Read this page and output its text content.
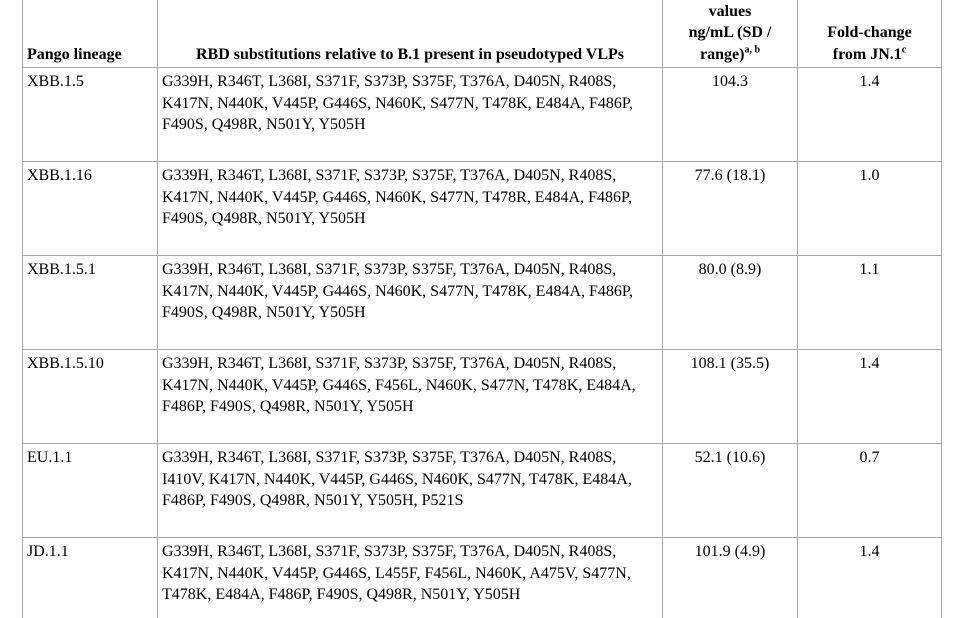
Pango lineage	RBD substitutions relative to B.1 present in pseudotyped VLPs	values
ng/mL (SD /
range)$^{a, b}$	Fold-change
from JN.1$^c$
XBB.1.5	G339H, R346T, L368I, S371F, S373P, S375F, T376A, D405N, R408S, K417N, N440K, V445P, G446S, N460K, S477N, T478K, E484A, F486P, F490S, Q498R, N501Y, Y505H	104.3	1.4
XBB.1.16	G339H, R346T, L368I, S371F, S373P, S375F, T376A, D405N, R408S, K417N, N440K, V445P, G446S, N460K, S477N, T478R, E484A, F486P, F490S, Q498R, N501Y, Y505H	77.6 (18.1)	1.0
XBB.1.5.1	G339H, R346T, L368I, S371F, S373P, S375F, T376A, D405N, R408S, K417N, N440K, V445P, G446S, N460K, S477N, T478K, E484A, F486P, F490S, Q498R, N501Y, Y505H	80.0 (8.9)	1.1
XBB.1.5.10	G339H, R346T, L368I, S371F, S373P, S375F, T376A, D405N, R408S, K417N, N440K, V445P, G446S, F456L, N460K, S477N, T478K, E484A, F486P, F490S, Q498R, N501Y, Y505H	108.1 (35.5)	1.4
EU.1.1	G339H, R346T, L368I, S371F, S373P, S375F, T376A, D405N, R408S, I410V, K417N, N440K, V445P, G446S, N460K, S477N, T478K, E484A, F486P, F490S, Q498R, N501Y, Y505H, P521S	52.1 (10.6)	0.7
JD.1.1	G339H, R346T, L368I, S371F, S373P, S375F, T376A, D405N, R408S, K417N, N440K, V445P, G446S, L455F, F456L, N460K, A475V, S477N, T478K, E484A, F486P, F490S, Q498R, N501Y, Y505H	101.9 (4.9)	1.4
